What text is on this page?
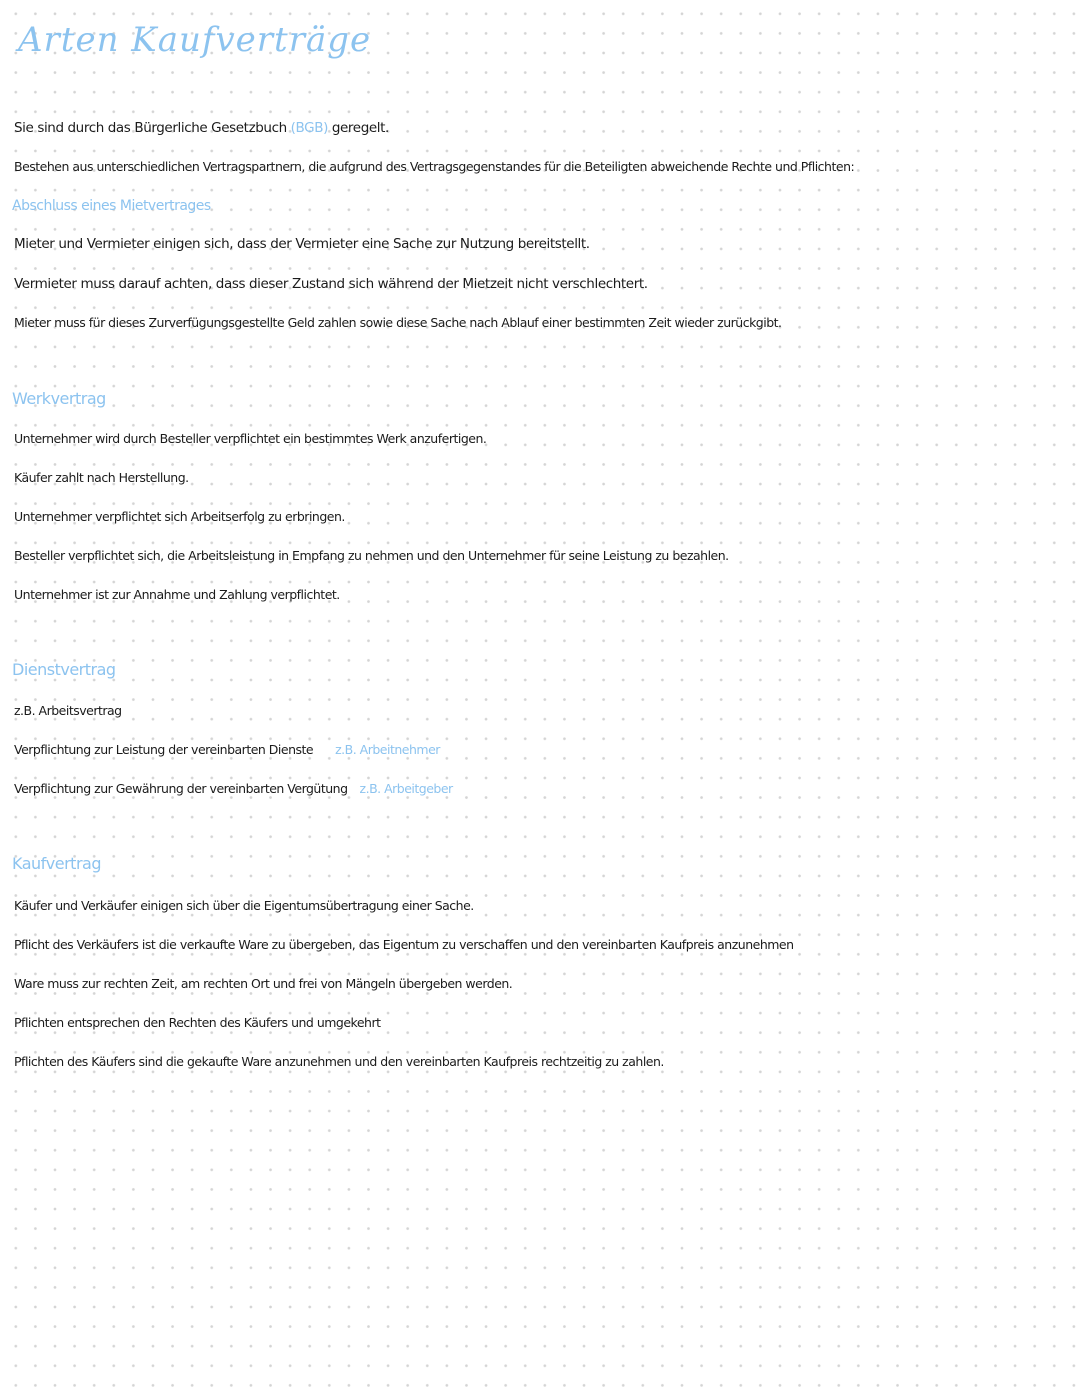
Arten Kaufverträge
Sie sind durch das Bürgerliche Gesetzbuch (BGB) geregelt.
Bestehen aus unterschiedlichen Vertragspartnern, die aufgrund des Vertragsgegenstandes für die Beteiligten abweichende Rechte und Pflichten:
Abschluss eines Mietvertrages
Mieter und Vermieter einigen sich, dass der Vermieter eine Sache zur Nutzung bereitstellt.
Vermieter muss darauf achten, dass dieser Zustand sich während der Mietzeit nicht verschlechtert.
Mieter muss für dieses Zurverfügungsgestellte Geld zahlen sowie diese Sache nach Ablauf einer bestimmten Zeit wieder zurückgibt.
Werkvertrag
Unternehmer wird durch Besteller verpflichtet ein bestimmtes Werk anzufertigen.
Käufer zahlt nach Herstellung.
Unternehmer verpflichtet sich Arbeitserfolg zu erbringen.
Besteller verpflichtet sich, die Arbeitsleistung in Empfang zu nehmen und den Unternehmer für seine Leistung zu bezahlen.
Unternehmer ist zur Annahme und Zahlung verpflichtet.
Dienstvertrag
z.B. Arbeitsvertrag
Verpflichtung zur Leistung der vereinbarten Dienste z.B. Arbeitnehmer
Verpflichtung zur Gewährung der vereinbarten Vergütung z.B. Arbeitgeber
Kaufvertrag
Käufer und Verkäufer einigen sich über die Eigentumsübertragung einer Sache.
Pflicht des Verkäufers ist die verkaufte Ware zu übergeben, das Eigentum zu verschaffen und den vereinbarten Kaufpreis anzunehmen
Ware muss zur rechten Zeit, am rechten Ort und frei von Mängeln übergeben werden.
Pflichten entsprechen den Rechten des Käufers und umgekehrt
Pflichten des Käufers sind die gekaufte Ware anzunehmen und den vereinbarten Kaufpreis rechtzeitig zu zahlen.
